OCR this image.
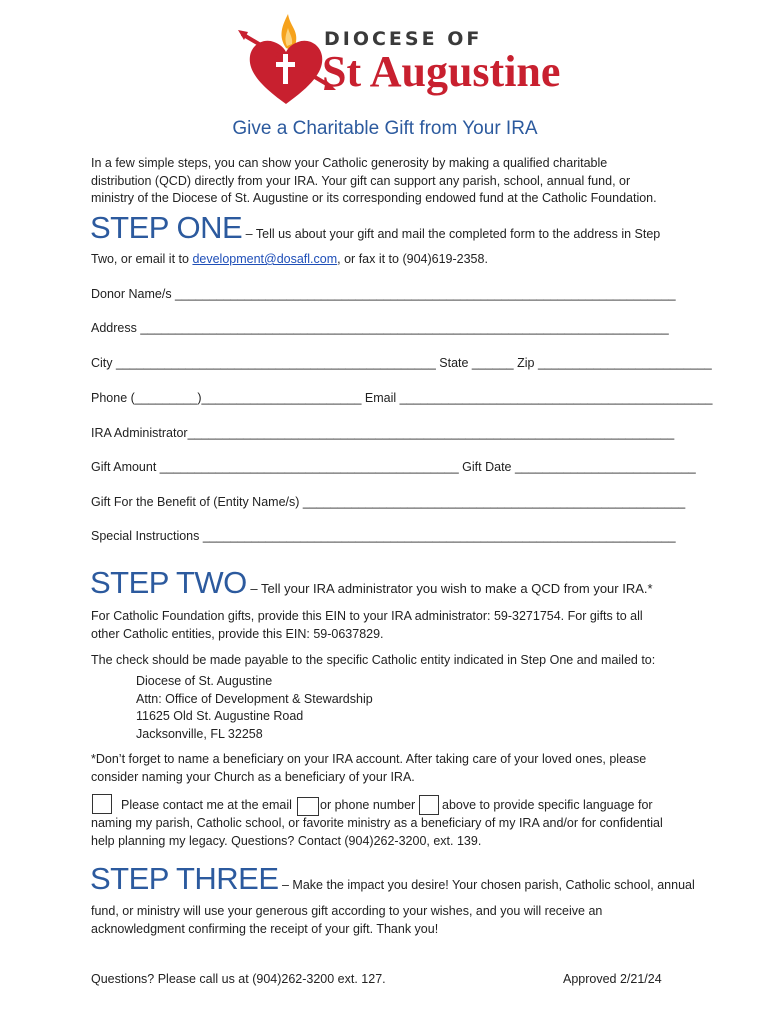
DIOCESE OF
St Augustine
Give a Charitable Gift from Your IRA
In a few simple steps, you can show your Catholic generosity by making a qualified charitable
distribution (QCD) directly from your IRA. Your gift can support any parish, school, annual fund, or
ministry of the Diocese of St. Augustine or its corresponding endowed fund at the Catholic Foundation.
STEP ONE – Tell us about your gift and mail the completed form to the address in Step
Two, or email it to development@dosafl.com, or fax it to (904)619-2358.
Donor Name/s ________________________________________________________________________
Address ____________________________________________________________________________
City ______________________________________________ State ______ Zip _________________________
Phone (_________)_______________________ Email _____________________________________________
IRA Administrator______________________________________________________________________
Gift Amount ___________________________________________ Gift Date __________________________
Gift For the Benefit of (Entity Name/s) _______________________________________________________
Special Instructions ____________________________________________________________________
STEP TWO – Tell your IRA administrator you wish to make a QCD from your IRA.*
For Catholic Foundation gifts, provide this EIN to your IRA administrator: 59-3271754. For gifts to all
other Catholic entities, provide this EIN: 59-0637829.
The check should be made payable to the specific Catholic entity indicated in Step One and mailed to:
Diocese of St. Augustine
Attn: Office of Development & Stewardship
11625 Old St. Augustine Road
Jacksonville, FL 32258
*Don’t forget to name a beneficiary on your IRA account. After taking care of your loved ones, please
consider naming your Church as a beneficiary of your IRA.
Please contact me at the email or phone number above to provide specific language for
naming my parish, Catholic school, or favorite ministry as a beneficiary of my IRA and/or for confidential
help planning my legacy. Questions? Contact (904)262-3200, ext. 139.
STEP THREE – Make the impact you desire! Your chosen parish, Catholic school, annual
fund, or ministry will use your generous gift according to your wishes, and you will receive an
acknowledgment confirming the receipt of your gift. Thank you!
Questions? Please call us at (904)262-3200 ext. 127.	Approved 2/21/24
